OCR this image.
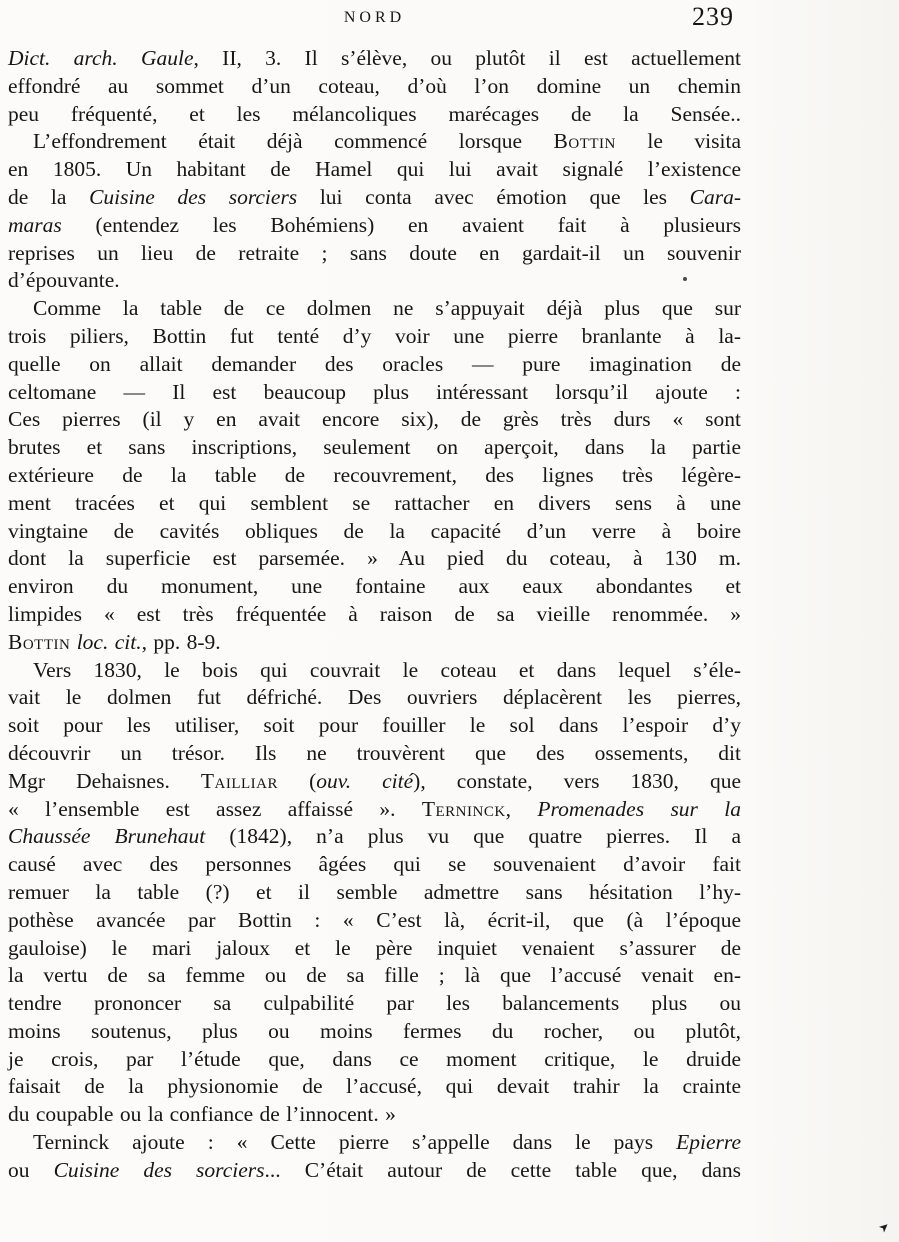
NORD	239
Dict. arch. Gaule, II, 3. Il s’élève, ou plutôt il est actuellement
effondré au sommet d’un coteau, d’où l’on domine un chemin
peu fréquenté, et les mélancoliques marécages de la Sensée..
L’effondrement était déjà commencé lorsque Bottin le visita
en 1805. Un habitant de Hamel qui lui avait signalé l’existence
de la Cuisine des sorciers lui conta avec émotion que les Cara-
maras (entendez les Bohémiens) en avaient fait à plusieurs
reprises un lieu de retraite ; sans doute en gardait-il un souvenir
d’épouvante.
Comme la table de ce dolmen ne s’appuyait déjà plus que sur
trois piliers, Bottin fut tenté d’y voir une pierre branlante à la-
quelle on allait demander des oracles — pure imagination de
celtomane — Il est beaucoup plus intéressant lorsqu’il ajoute :
Ces pierres (il y en avait encore six), de grès très durs « sont
brutes et sans inscriptions, seulement on aperçoit, dans la partie
extérieure de la table de recouvrement, des lignes très légère-
ment tracées et qui semblent se rattacher en divers sens à une
vingtaine de cavités obliques de la capacité d’un verre à boire
dont la superficie est parsemée. » Au pied du coteau, à 130 m.
environ du monument, une fontaine aux eaux abondantes et
limpides « est très fréquentée à raison de sa vieille renommée. »
Bottin loc. cit., pp. 8-9.
Vers 1830, le bois qui couvrait le coteau et dans lequel s’éle-
vait le dolmen fut défriché. Des ouvriers déplacèrent les pierres,
soit pour les utiliser, soit pour fouiller le sol dans l’espoir d’y
découvrir un trésor. Ils ne trouvèrent que des ossements, dit
Mgr Dehaisnes. Tailliar (ouv. cité), constate, vers 1830, que
« l’ensemble est assez affaissé ». Terninck, Promenades sur la
Chaussée Brunehaut (1842), n’a plus vu que quatre pierres. Il a
causé avec des personnes âgées qui se souvenaient d’avoir fait
remuer la table (?) et il semble admettre sans hésitation l’hy-
pothèse avancée par Bottin : « C’est là, écrit-il, que (à l’époque
gauloise) le mari jaloux et le père inquiet venaient s’assurer de
la vertu de sa femme ou de sa fille ; là que l’accusé venait en-
tendre prononcer sa culpabilité par les balancements plus ou
moins soutenus, plus ou moins fermes du rocher, ou plutôt,
je crois, par l’étude que, dans ce moment critique, le druide
faisait de la physionomie de l’accusé, qui devait trahir la crainte
du coupable ou la confiance de l’innocent. »
Terninck ajoute : « Cette pierre s’appelle dans le pays Epierre
ou Cuisine des sorciers... C’était autour de cette table que, dans
➤
